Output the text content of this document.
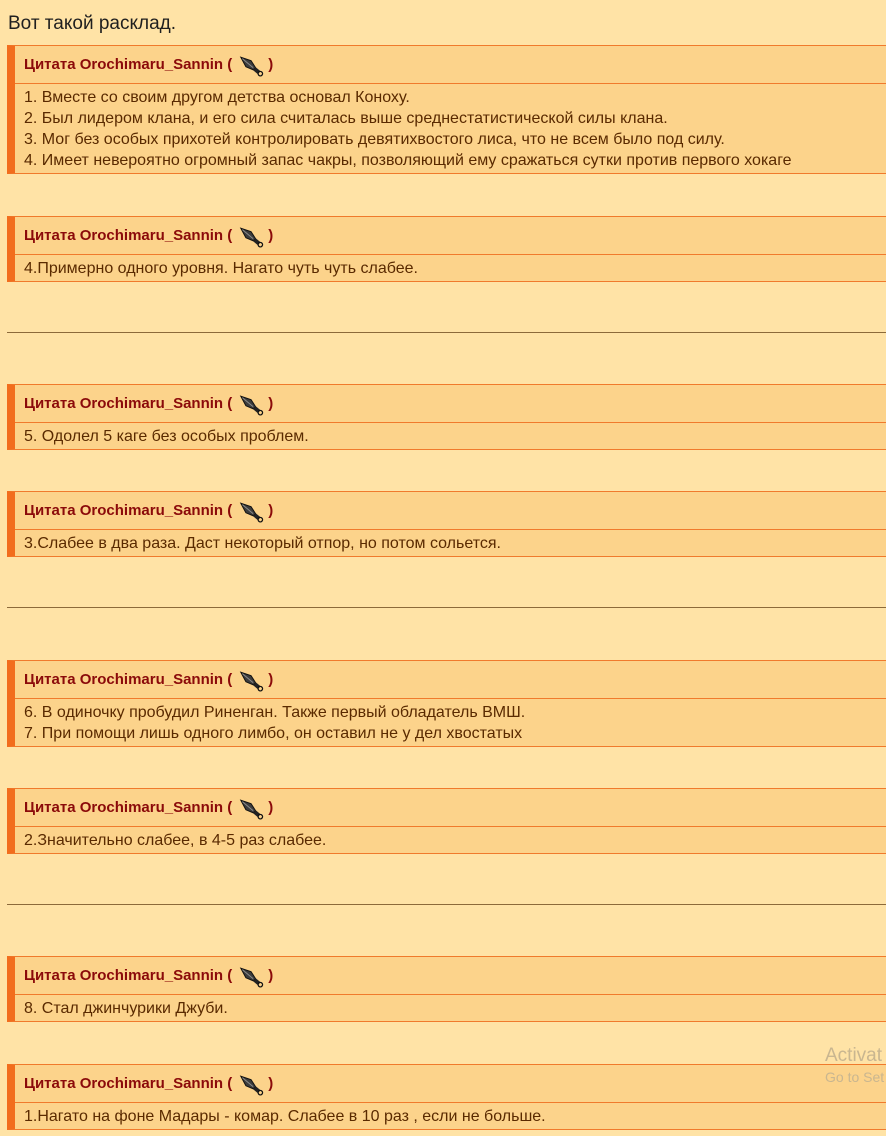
Вот такой расклад.
Цитата Orochimaru_Sannin ( )
1. Вместе со своим другом детства основал Коноху.
2. Был лидером клана, и его сила считалась выше среднестатистической силы клана.
3. Мог без особых прихотей контролировать девятихвостого лиса, что не всем было под силу.
4. Имеет невероятно огромный запас чакры, позволяющий ему сражаться сутки против первого хокаге
Цитата Orochimaru_Sannin ( )
4.Примерно одного уровня. Нагато чуть чуть слабее.
Цитата Orochimaru_Sannin ( )
5. Одолел 5 каге без особых проблем.
Цитата Orochimaru_Sannin ( )
3.Слабее в два раза. Даст некоторый отпор, но потом сольется.
Цитата Orochimaru_Sannin ( )
6. В одиночку пробудил Риненган. Также первый обладатель ВМШ.
7. При помощи лишь одного лимбо, он оставил не у дел хвостатых
Цитата Orochimaru_Sannin ( )
2.Значительно слабее, в 4-5 раз слабее.
Цитата Orochimaru_Sannin ( )
8. Стал джинчурики Джуби.
Цитата Orochimaru_Sannin ( )
1.Нагато на фоне Мадары - комар. Слабее в 10 раз , если не больше.
Activat
Go to Set
